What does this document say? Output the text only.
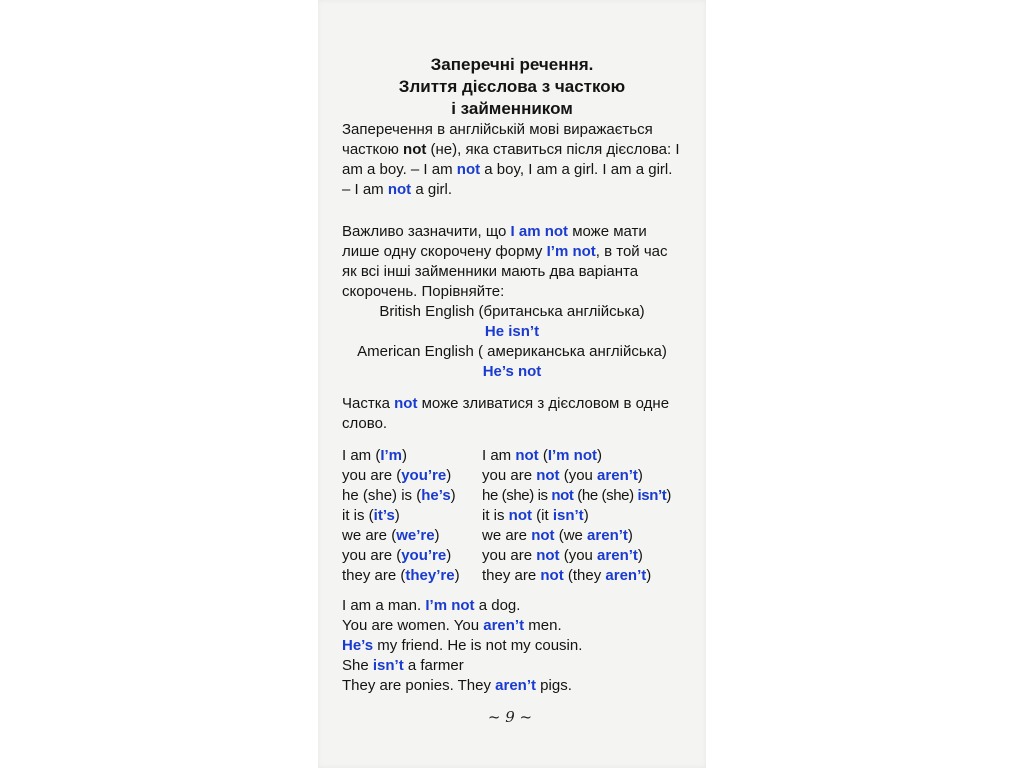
Заперечні речення.
Злиття дієслова з часткою
і займенником

Заперечення в англійській мові виражається часткою not (не), яка ставиться після дієслова: I am a boy. – I am not a boy, I am a girl. I am a girl. – I am not a girl.

Важливо зазначити, що I am not може мати лише одну скорочену форму I’m not, в той час як всі інші займенники мають два варіанта скорочень. Порівняйте:

British English (британська англійська)
He isn’t
American English ( американська англійська)
He’s not

Частка not може зливатися з дієсловом в одне слово.

I am (I’m)
you are (you’re)
he (she) is (he’s)
it is (it’s)
we are (we’re)
you are (you’re)
they are (they’re)
I am not (I’m not)
you are not (you aren’t)
he (she) is not (he (she) isn’t)
it is not (it isn’t)
we are not (we aren’t)
you are not (you aren’t)
they are not (they aren’t)
I am a man. I’m not a dog.
You are women. You aren’t men.
He’s my friend. He is not my cousin.
She isn’t a farmer
They are ponies. They aren’t pigs.
~ 9 ~
